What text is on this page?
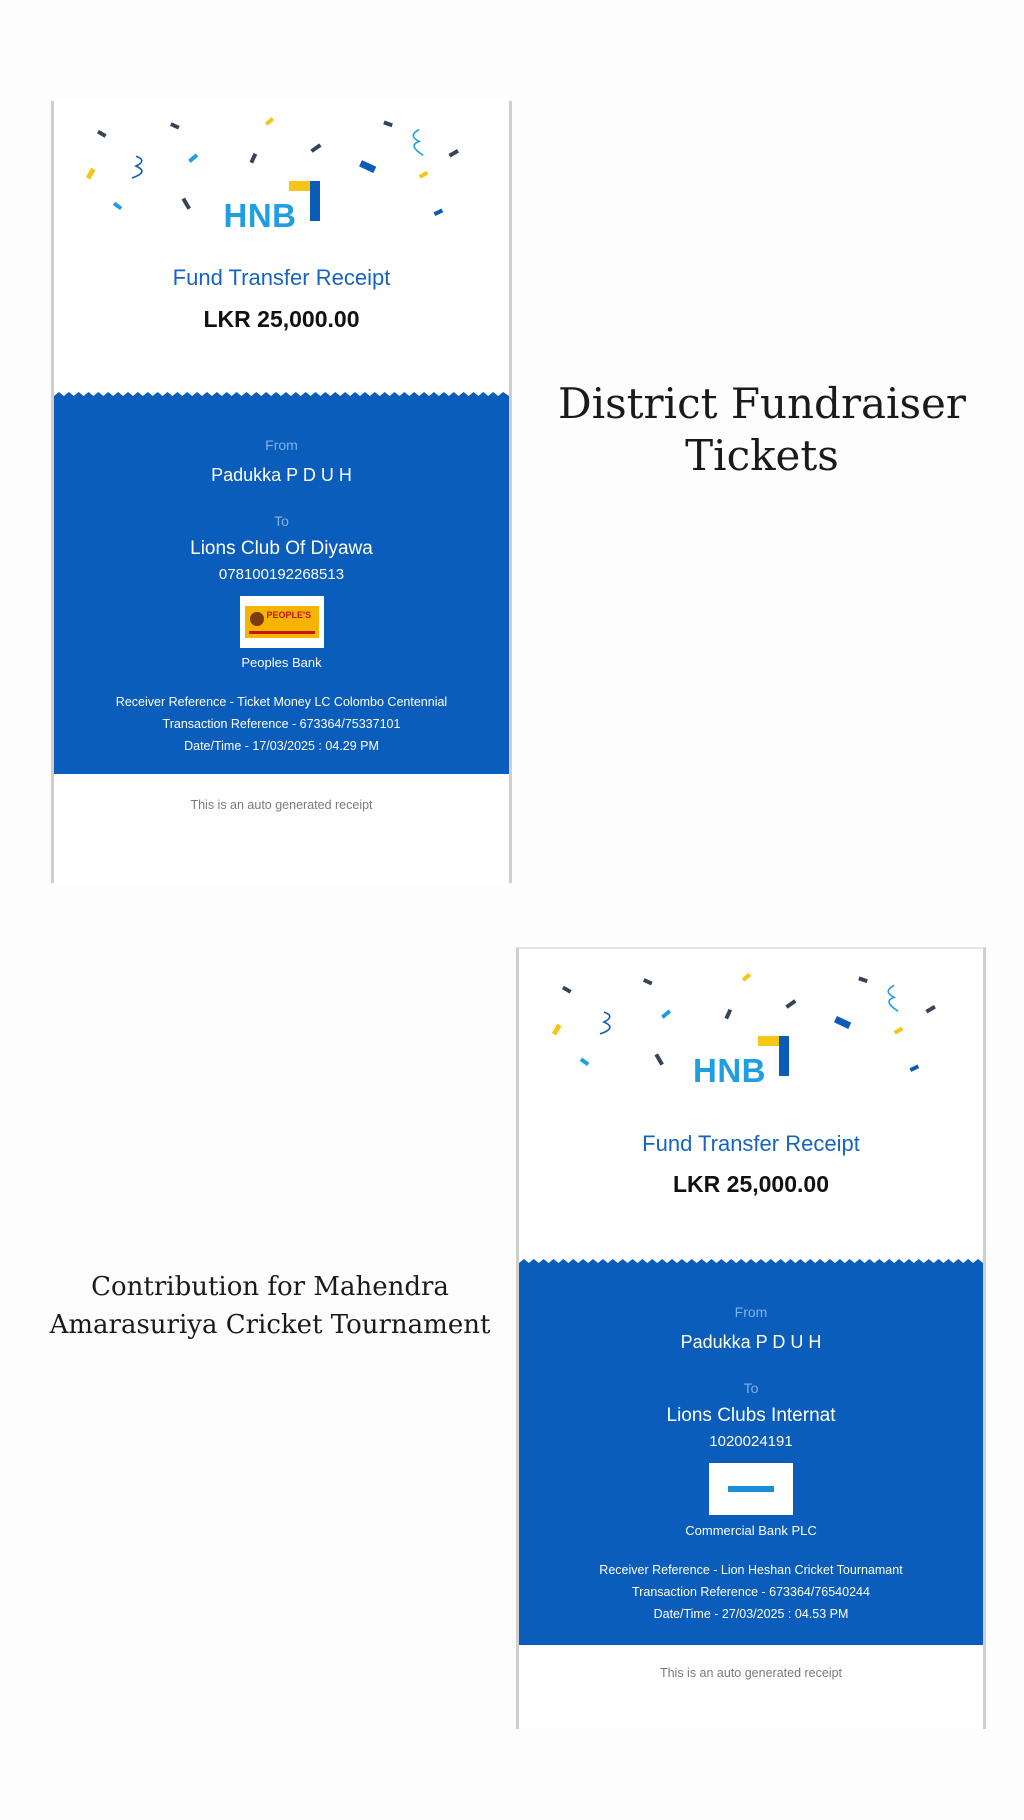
HNB
Fund Transfer Receipt
LKR 25,000.00
From
Padukka P D U H
To
Lions Club Of Diyawa
078100192268513
PEOPLE'S
Peoples Bank
Receiver Reference - Ticket Money LC Colombo Centennial
Transaction Reference - 673364/75337101
Date/Time - 17/03/2025 : 04.29 PM
This is an auto generated receipt
HNB
Fund Transfer Receipt
LKR 25,000.00
From
Padukka P D U H
To
Lions Clubs Internat
1020024191
Commercial Bank PLC
Receiver Reference - Lion Heshan Cricket Tournamant
Transaction Reference - 673364/76540244
Date/Time - 27/03/2025 : 04.53 PM
This is an auto generated receipt
District Fundraiser
Tickets
Contribution for Mahendra
Amarasuriya Cricket Tournament
